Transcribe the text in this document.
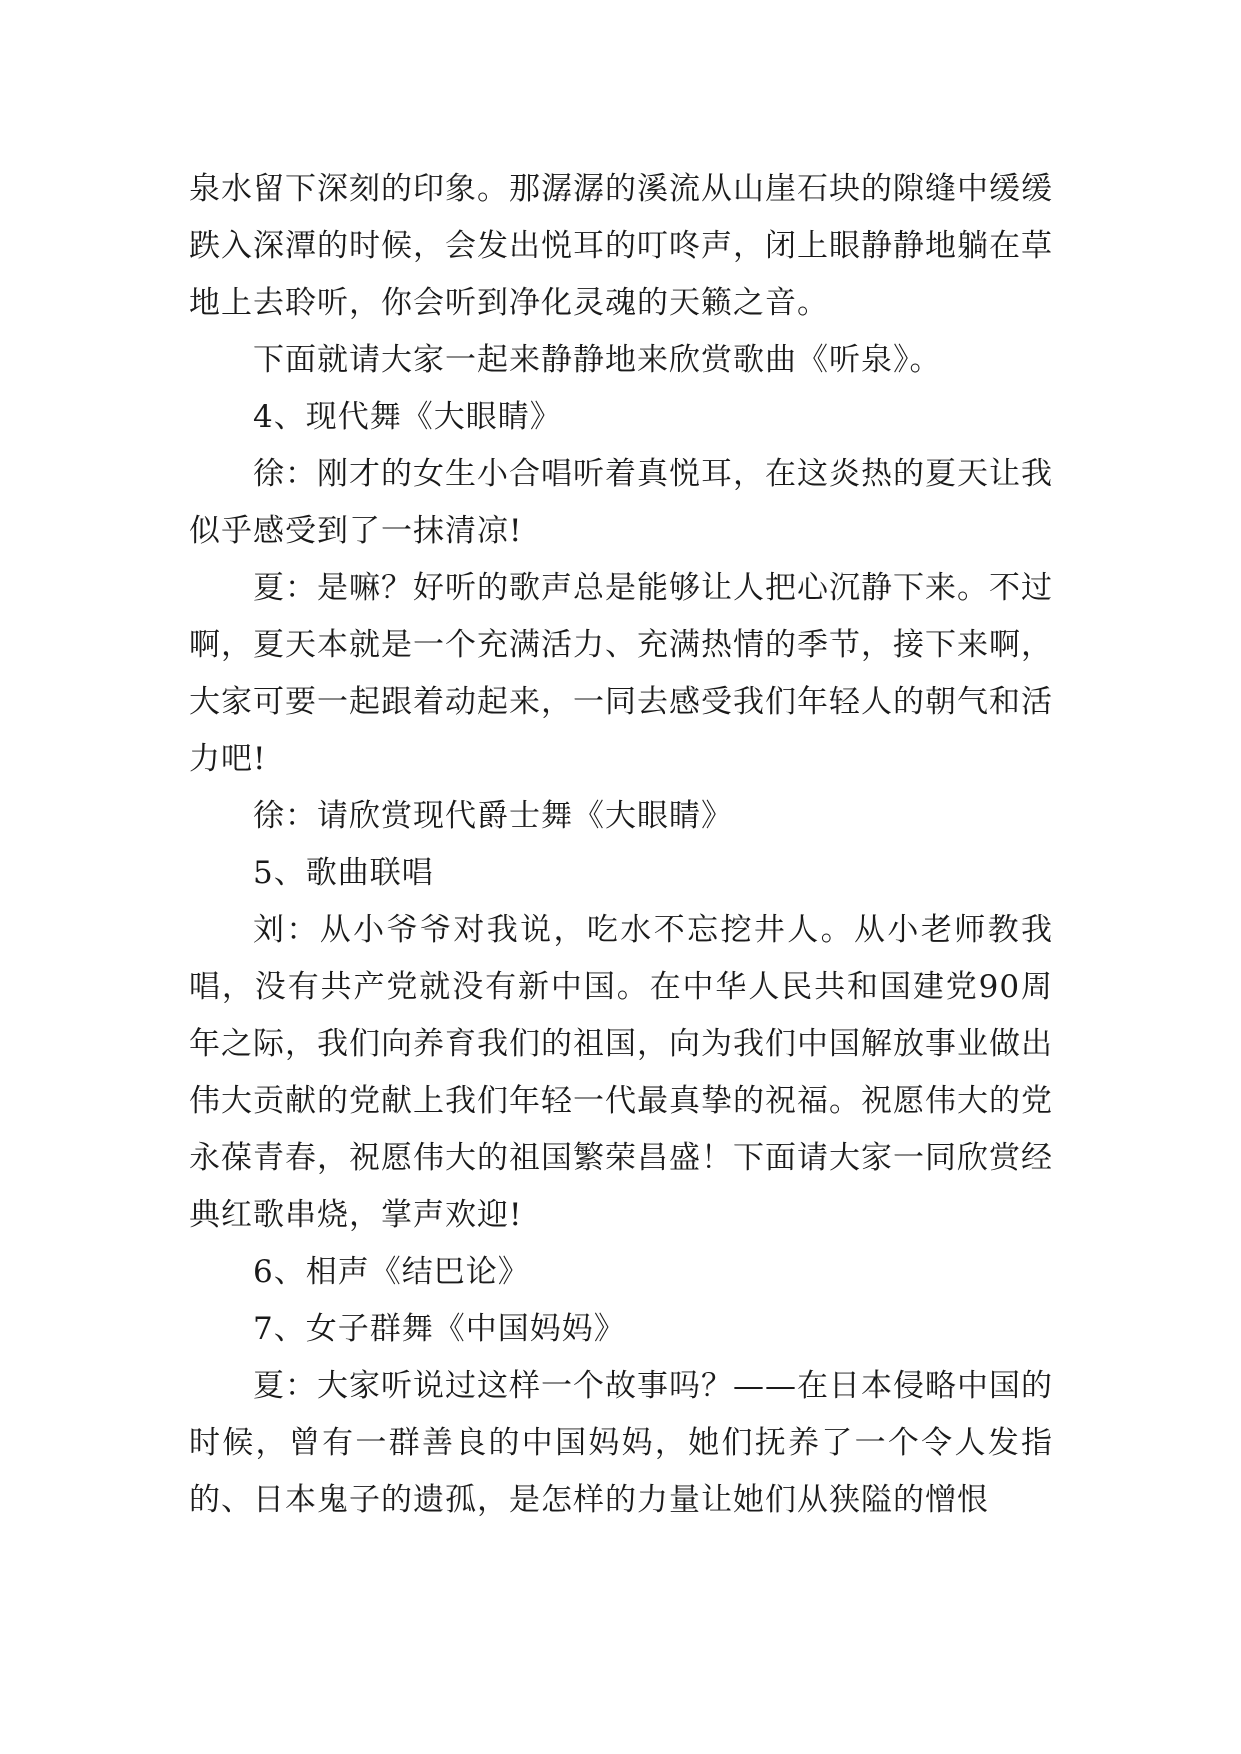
泉水留下深刻的印象。那潺潺的溪流从山崖石块的隙缝中缓缓跌入深潭的时候，会发出悦耳的叮咚声，闭上眼静静地躺在草地上去聆听，你会听到净化灵魂的天籁之音。

下面就请大家一起来静静地来欣赏歌曲《听泉》。

4、现代舞《大眼睛》

徐：刚才的女生小合唱听着真悦耳，在这炎热的夏天让我似乎感受到了一抹清凉!

夏：是嘛？好听的歌声总是能够让人把心沉静下来。不过啊，夏天本就是一个充满活力、充满热情的季节，接下来啊，大家可要一起跟着动起来，一同去感受我们年轻人的朝气和活力吧!

徐：请欣赏现代爵士舞《大眼睛》

5、歌曲联唱

刘：从小爷爷对我说，吃水不忘挖井人。从小老师教我唱，没有共产党就没有新中国。在中华人民共和国建党90周年之际，我们向养育我们的祖国，向为我们中国解放事业做出伟大贡献的党献上我们年轻一代最真挚的祝福。祝愿伟大的党永葆青春，祝愿伟大的祖国繁荣昌盛！下面请大家一同欣赏经典红歌串烧，掌声欢迎!

6、相声《结巴论》

7、女子群舞《中国妈妈》

夏：大家听说过这样一个故事吗？——在日本侵略中国的时候，曾有一群善良的中国妈妈，她们抚养了一个令人发指的、日本鬼子的遗孤，是怎样的力量让她们从狭隘的憎恨
